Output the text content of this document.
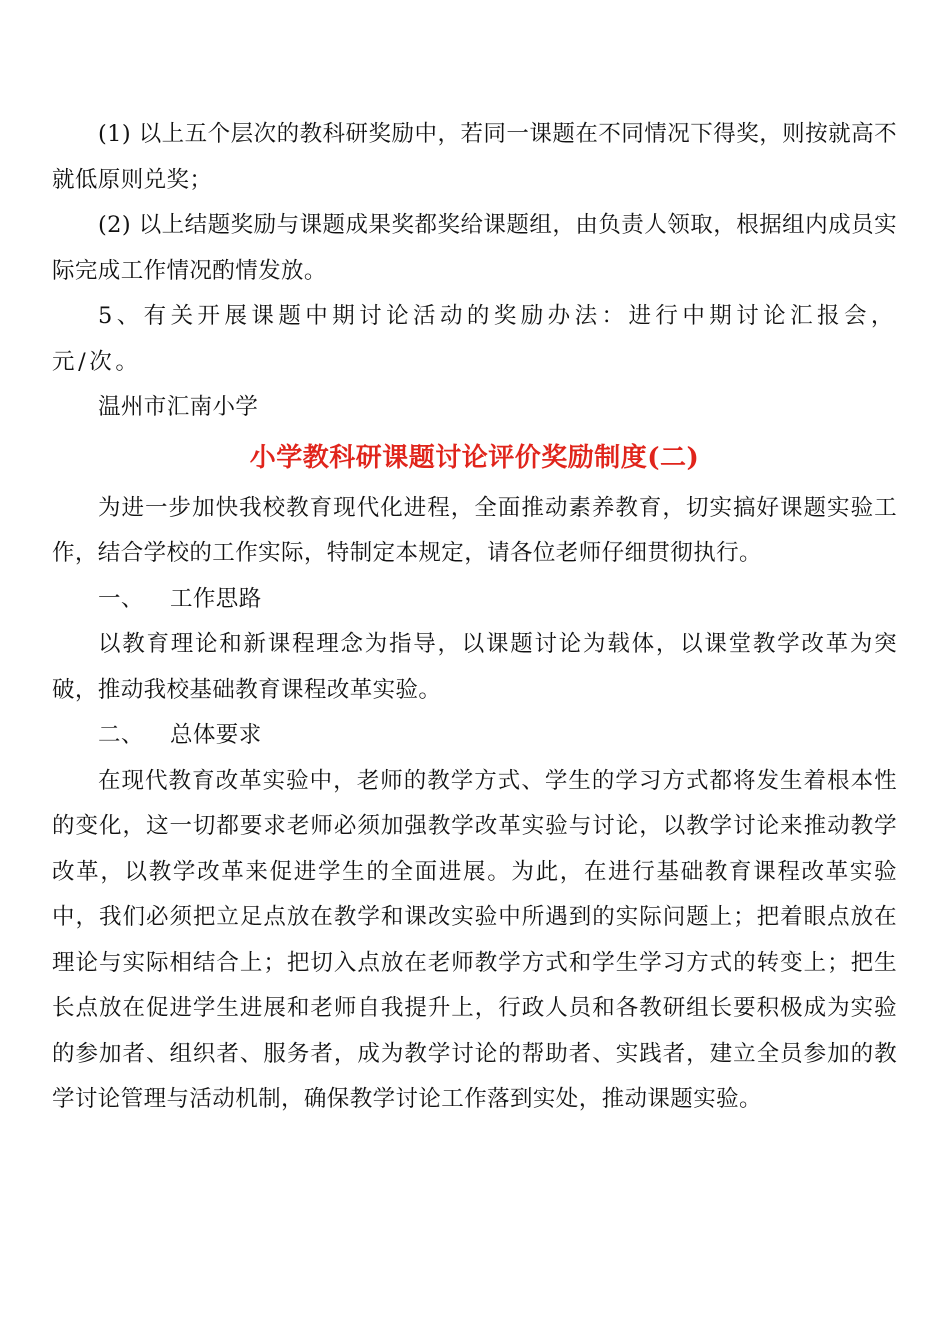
(1) 以上五个层次的教科研奖励中，若同一课题在不同情况下得奖，则按就高不就低原则兑奖；

(2) 以上结题奖励与课题成果奖都奖给课题组，由负责人领取，根据组内成员实际完成工作情况酌情发放。

5、有关开展课题中期讨论活动的奖励办法：进行中期讨论汇报会，元/次。

温州市汇南小学

小学教科研课题讨论评价奖励制度(二)

为进一步加快我校教育现代化进程，全面推动素养教育，切实搞好课题实验工作，结合学校的工作实际，特制定本规定，请各位老师仔细贯彻执行。

一、 工作思路

以教育理论和新课程理念为指导，以课题讨论为载体，以课堂教学改革为突破，推动我校基础教育课程改革实验。

二、 总体要求

在现代教育改革实验中，老师的教学方式、学生的学习方式都将发生着根本性的变化，这一切都要求老师必须加强教学改革实验与讨论，以教学讨论来推动教学改革，以教学改革来促进学生的全面进展。为此，在进行基础教育课程改革实验中，我们必须把立足点放在教学和课改实验中所遇到的实际问题上；把着眼点放在理论与实际相结合上；把切入点放在老师教学方式和学生学习方式的转变上；把生长点放在促进学生进展和老师自我提升上，行政人员和各教研组长要积极成为实验的参加者、组织者、服务者，成为教学讨论的帮助者、实践者，建立全员参加的教学讨论管理与活动机制，确保教学讨论工作落到实处，推动课题实验。
